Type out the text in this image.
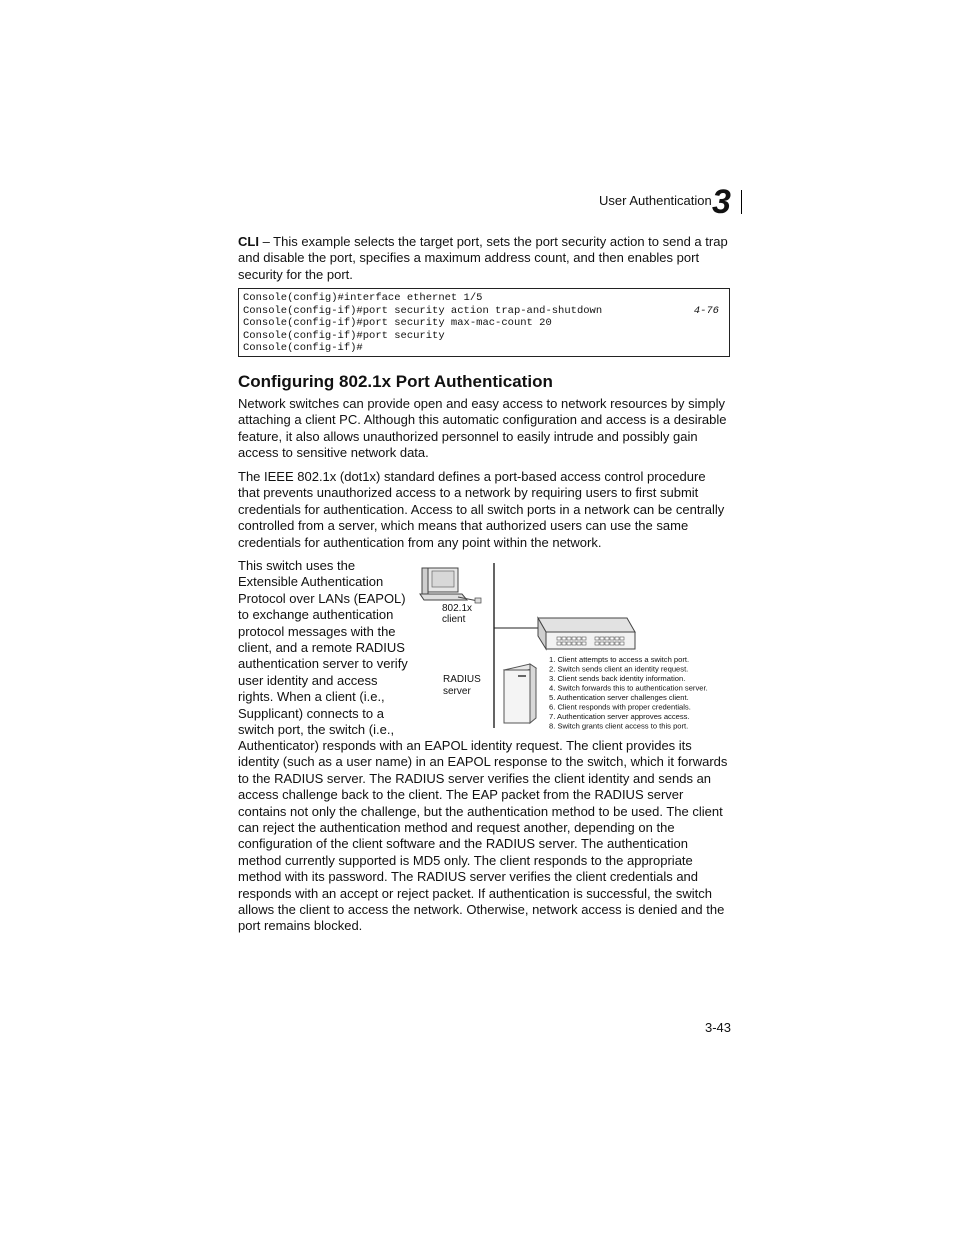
User Authentication 3

CLI – This example selects the target port, sets the port security action to send a trap and disable the port, specifies a maximum address count, and then enables port security for the port.

Console(config)#interface ethernet 1/5
Console(config-if)#port security action trap-and-shutdown	4-76
Console(config-if)#port security max-mac-count 20
Console(config-if)#port security
Console(config-if)#
Configuring 802.1x Port Authentication

Network switches can provide open and easy access to network resources by simply attaching a client PC. Although this automatic configuration and access is a desirable feature, it also allows unauthorized personnel to easily intrude and possibly gain access to sensitive network data.

The IEEE 802.1x (dot1x) standard defines a port-based access control procedure that prevents unauthorized access to a network by requiring users to first submit credentials for authentication. Access to all switch ports in a network can be centrally controlled from a server, which means that authorized users can use the same credentials for authentication from any point within the network.

This switch uses the Extensible Authentication Protocol over LANs (EAPOL) to exchange authentication protocol messages with the client, and a remote RADIUS authentication server to verify user identity and access rights. When a client (i.e., Supplicant) connects to a switch port, the switch (i.e.,

802.1x
client
RADIUS
server
1. Client attempts to access a switch port.
2. Switch sends client an identity request.
3. Client sends back identity information.
4. Switch forwards this to authentication server.
5. Authentication server challenges client.
6. Client responds with proper credentials.
7. Authentication server approves access.
8. Switch grants client access to this port.

Authenticator) responds with an EAPOL identity request. The client provides its identity (such as a user name) in an EAPOL response to the switch, which it forwards to the RADIUS server. The RADIUS server verifies the client identity and sends an access challenge back to the client. The EAP packet from the RADIUS server contains not only the challenge, but the authentication method to be used. The client can reject the authentication method and request another, depending on the configuration of the client software and the RADIUS server. The authentication method currently supported is MD5 only. The client responds to the appropriate method with its password. The RADIUS server verifies the client credentials and responds with an accept or reject packet. If authentication is successful, the switch allows the client to access the network. Otherwise, network access is denied and the port remains blocked.

3-43
